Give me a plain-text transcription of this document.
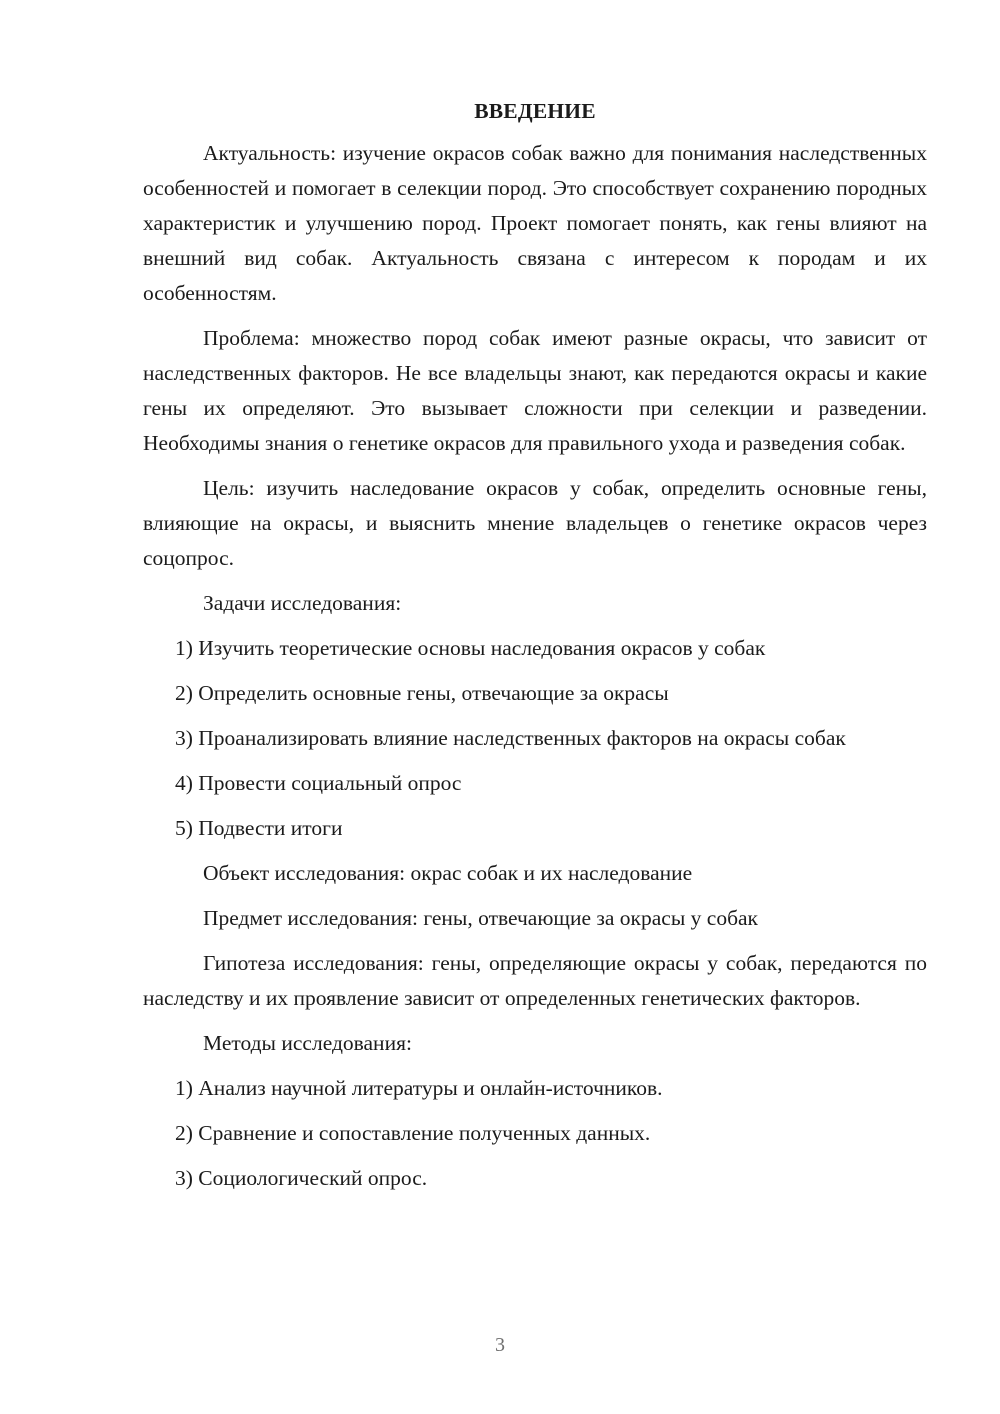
ВВЕДЕНИЕ

Актуальность: изучение окрасов собак важно для понимания наследственных особенностей и помогает в селекции пород. Это способствует сохранению породных характеристик и улучшению пород. Проект помогает понять, как гены влияют на внешний вид собак. Актуальность связана с интересом к породам и их особенностям.

Проблема: множество пород собак имеют разные окрасы, что зависит от наследственных факторов. Не все владельцы знают, как передаются окрасы и какие гены их определяют. Это вызывает сложности при селекции и разведении. Необходимы знания о генетике окрасов для правильного ухода и разведения собак.

Цель: изучить наследование окрасов у собак, определить основные гены, влияющие на окрасы, и выяснить мнение владельцев о генетике окрасов через соцопрос.

Задачи исследования:

1) Изучить теоретические основы наследования окрасов у собак

2) Определить основные гены, отвечающие за окрасы

3) Проанализировать влияние наследственных факторов на окрасы собак

4) Провести социальный опрос

5) Подвести итоги

Объект исследования: окрас собак и их наследование

Предмет исследования: гены, отвечающие за окрасы у собак

Гипотеза исследования: гены, определяющие окрасы у собак, передаются по наследству и их проявление зависит от определенных генетических факторов.

Методы исследования:

1) Анализ научной литературы и онлайн-источников.

2) Сравнение и сопоставление полученных данных.

3) Социологический опрос.

3
